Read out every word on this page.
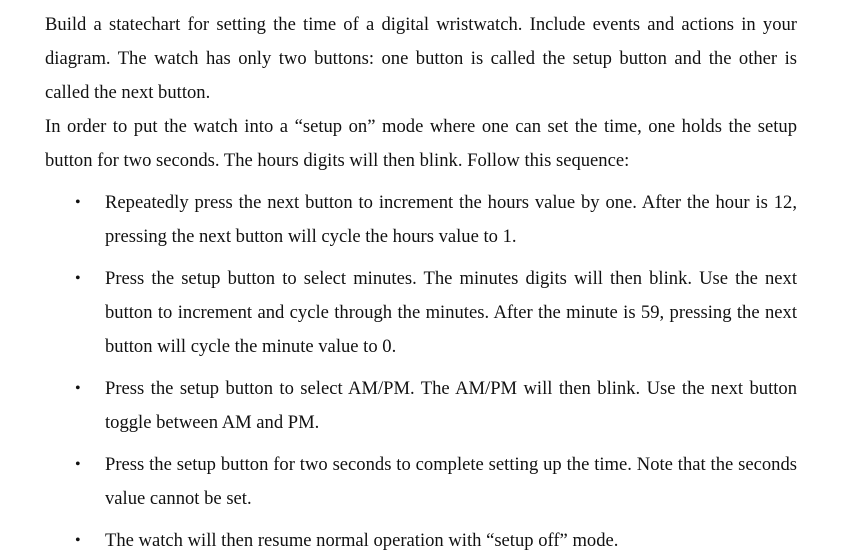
Build a statechart for setting the time of a digital wristwatch. Include events and actions in your diagram. The watch has only two buttons: one button is called the setup button and the other is called the next button.

In order to put the watch into a “setup on” mode where one can set the time, one holds the setup button for two seconds. The hours digits will then blink. Follow this sequence:

• Repeatedly press the next button to increment the hours value by one. After the hour is 12, pressing the next button will cycle the hours value to 1.
• Press the setup button to select minutes. The minutes digits will then blink. Use the next button to increment and cycle through the minutes. After the minute is 59, pressing the next button will cycle the minute value to 0.
• Press the setup button to select AM/PM. The AM/PM will then blink. Use the next button toggle between AM and PM.
• Press the setup button for two seconds to complete setting up the time. Note that the seconds value cannot be set.
• The watch will then resume normal operation with “setup off” mode.
